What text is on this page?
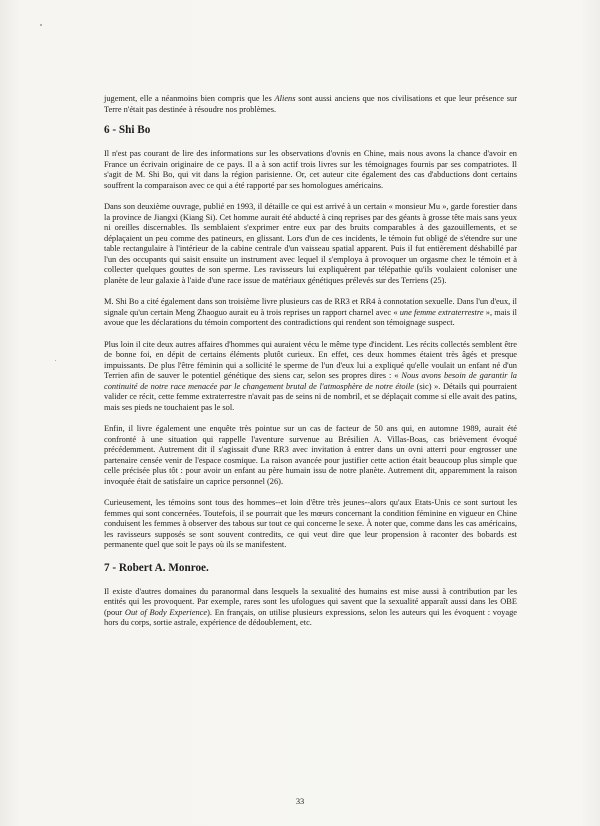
jugement, elle a néanmoins bien compris que les Aliens sont aussi anciens que nos civilisations et que leur présence sur Terre n'était pas destinée à résoudre nos problèmes.

6 - Shi Bo

Il n'est pas courant de lire des informations sur les observations d'ovnis en Chine, mais nous avons la chance d'avoir en France un écrivain originaire de ce pays. Il a à son actif trois livres sur les témoignages fournis par ses compatriotes. Il s'agit de M. Shi Bo, qui vit dans la région parisienne. Or, cet auteur cite également des cas d'abductions dont certains souffrent la comparaison avec ce qui a été rapporté par ses homologues américains.

Dans son deuxième ouvrage, publié en 1993, il détaille ce qui est arrivé à un certain « monsieur Mu », garde forestier dans la province de Jiangxi (Kiang Si). Cet homme aurait été abducté à cinq reprises par des géants à grosse tête mais sans yeux ni oreilles discernables. Ils semblaient s'exprimer entre eux par des bruits comparables à des gazouillements, et se déplaçaient un peu comme des patineurs, en glissant. Lors d'un de ces incidents, le témoin fut obligé de s'étendre sur une table rectangulaire à l'intérieur de la cabine centrale d'un vaisseau spatial apparent. Puis il fut entièrement déshabillé par l'un des occupants qui saisit ensuite un instrument avec lequel il s'employa à provoquer un orgasme chez le témoin et à collecter quelques gouttes de son sperme. Les ravisseurs lui expliquèrent par télépathie qu'ils voulaient coloniser une planète de leur galaxie à l'aide d'une race issue de matériaux génétiques prélevés sur des Terriens (25).

M. Shi Bo a cité également dans son troisième livre plusieurs cas de RR3 et RR4 à connotation sexuelle. Dans l'un d'eux, il signale qu'un certain Meng Zhaoguo aurait eu à trois reprises un rapport charnel avec « une femme extraterrestre », mais il avoue que les déclarations du témoin comportent des contradictions qui rendent son témoignage suspect.

Plus loin il cite deux autres affaires d'hommes qui auraient vécu le même type d'incident. Les récits collectés semblent être de bonne foi, en dépit de certains éléments plutôt curieux. En effet, ces deux hommes étaient très âgés et presque impuissants. De plus l'être féminin qui a sollicité le sperme de l'un d'eux lui a expliqué qu'elle voulait un enfant né d'un Terrien afin de sauver le potentiel génétique des siens car, selon ses propres dires : « Nous avons besoin de garantir la continuité de notre race menacée par le changement brutal de l'atmosphère de notre étoile (sic) ». Détails qui pourraient valider ce récit, cette femme extraterrestre n'avait pas de seins ni de nombril, et se déplaçait comme si elle avait des patins, mais ses pieds ne touchaient pas le sol.

Enfin, il livre également une enquête très pointue sur un cas de facteur de 50 ans qui, en automne 1989, aurait été confronté à une situation qui rappelle l'aventure survenue au Brésilien A. Villas-Boas, cas brièvement évoqué précédemment. Autrement dit il s'agissait d'une RR3 avec invitation à entrer dans un ovni atterri pour engrosser une partenaire censée venir de l'espace cosmique. La raison avancée pour justifier cette action était beaucoup plus simple que celle précisée plus tôt : pour avoir un enfant au père humain issu de notre planète. Autrement dit, apparemment la raison invoquée était de satisfaire un caprice personnel (26).

Curieusement, les témoins sont tous des hommes--et loin d'être très jeunes--alors qu'aux Etats-Unis ce sont surtout les femmes qui sont concernées. Toutefois, il se pourrait que les mœurs concernant la condition féminine en vigueur en Chine conduisent les femmes à observer des tabous sur tout ce qui concerne le sexe. À noter que, comme dans les cas américains, les ravisseurs supposés se sont souvent contredits, ce qui veut dire que leur propension à raconter des bobards est permanente quel que soit le pays où ils se manifestent.

7 - Robert A. Monroe.

Il existe d'autres domaines du paranormal dans lesquels la sexualité des humains est mise aussi à contribution par les entités qui les provoquent. Par exemple, rares sont les ufologues qui savent que la sexualité apparaît aussi dans les OBE (pour Out of Body Experience). En français, on utilise plusieurs expressions, selon les auteurs qui les évoquent : voyage hors du corps, sortie astrale, expérience de dédoublement, etc.

33
